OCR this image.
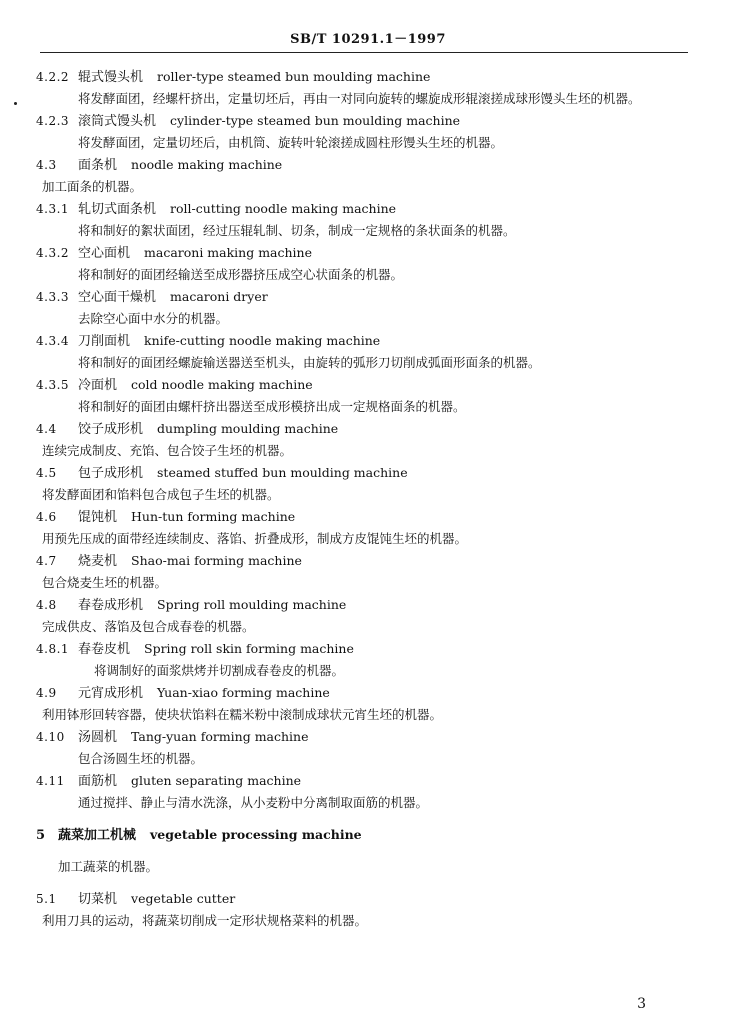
SB/T 10291.1－1997
4.2.2 辊式馒头机 roller-type steamed bun moulding machine
将发酵面团，经螺杆挤出，定量切坯后，再由一对同向旋转的螺旋成形辊滚搓成球形馒头生坯的机器。
4.2.3 滚筒式馒头机 cylinder-type steamed bun moulding machine
将发酵面团，定量切坯后，由机筒、旋转叶轮滚搓成圆柱形馒头生坯的机器。
4.3	面条机 noodle making machine
加工面条的机器。
4.3.1 轧切式面条机 roll-cutting noodle making machine
将和制好的絮状面团，经过压辊轧制、切条，制成一定规格的条状面条的机器。
4.3.2 空心面机 macaroni making machine
将和制好的面团经输送至成形器挤压成空心状面条的机器。
4.3.3 空心面干燥机 macaroni dryer
去除空心面中水分的机器。
4.3.4 刀削面机 knife-cutting noodle making machine
将和制好的面团经螺旋输送器送至机头，由旋转的弧形刀切削成弧面形面条的机器。
4.3.5 冷面机 cold noodle making machine
将和制好的面团由螺杆挤出器送至成形模挤出成一定规格面条的机器。
4.4	饺子成形机 dumpling moulding machine
连续完成制皮、充馅、包合饺子生坯的机器。
4.5	包子成形机 steamed stuffed bun moulding machine
将发酵面团和馅料包合成包子生坯的机器。
4.6	馄饨机 Hun-tun forming machine
用预先压成的面带经连续制皮、落馅、折叠成形，制成方皮馄饨生坯的机器。
4.7	烧麦机 Shao-mai forming machine
包合烧麦生坯的机器。
4.8	春卷成形机 Spring roll moulding machine
完成供皮、落馅及包合成春卷的机器。
4.8.1 春卷皮机 Spring roll skin forming machine
将调制好的面浆烘烤并切割成春卷皮的机器。
4.9	元宵成形机 Yuan-xiao forming machine
利用钵形回转容器，使块状馅料在糯米粉中滚制成球状元宵生坯的机器。
4.10	汤圆机 Tang-yuan forming machine
包合汤圆生坯的机器。
4.11	面筋机 gluten separating machine
通过搅拌、静止与清水洗涤，从小麦粉中分离制取面筋的机器。
5 蔬菜加工机械 vegetable processing machine
加工蔬菜的机器。
5.1	切菜机 vegetable cutter
利用刀具的运动，将蔬菜切削成一定形状规格菜料的机器。
3
